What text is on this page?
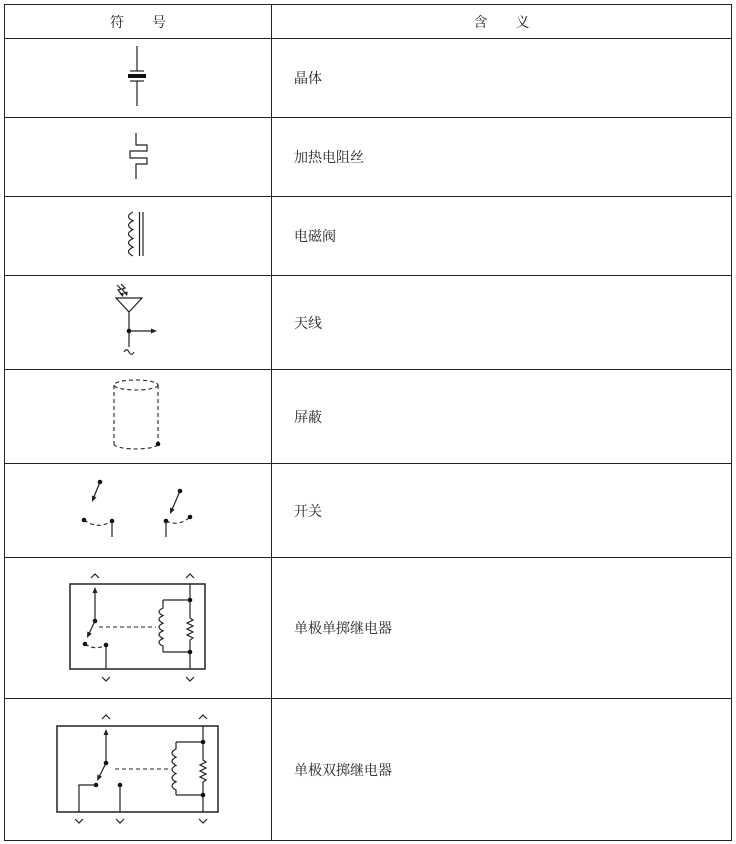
符　　号	含　　义
晶体
加热电阻丝
电磁阀
天线
屏蔽
开关
单极单掷继电器
单极双掷继电器
